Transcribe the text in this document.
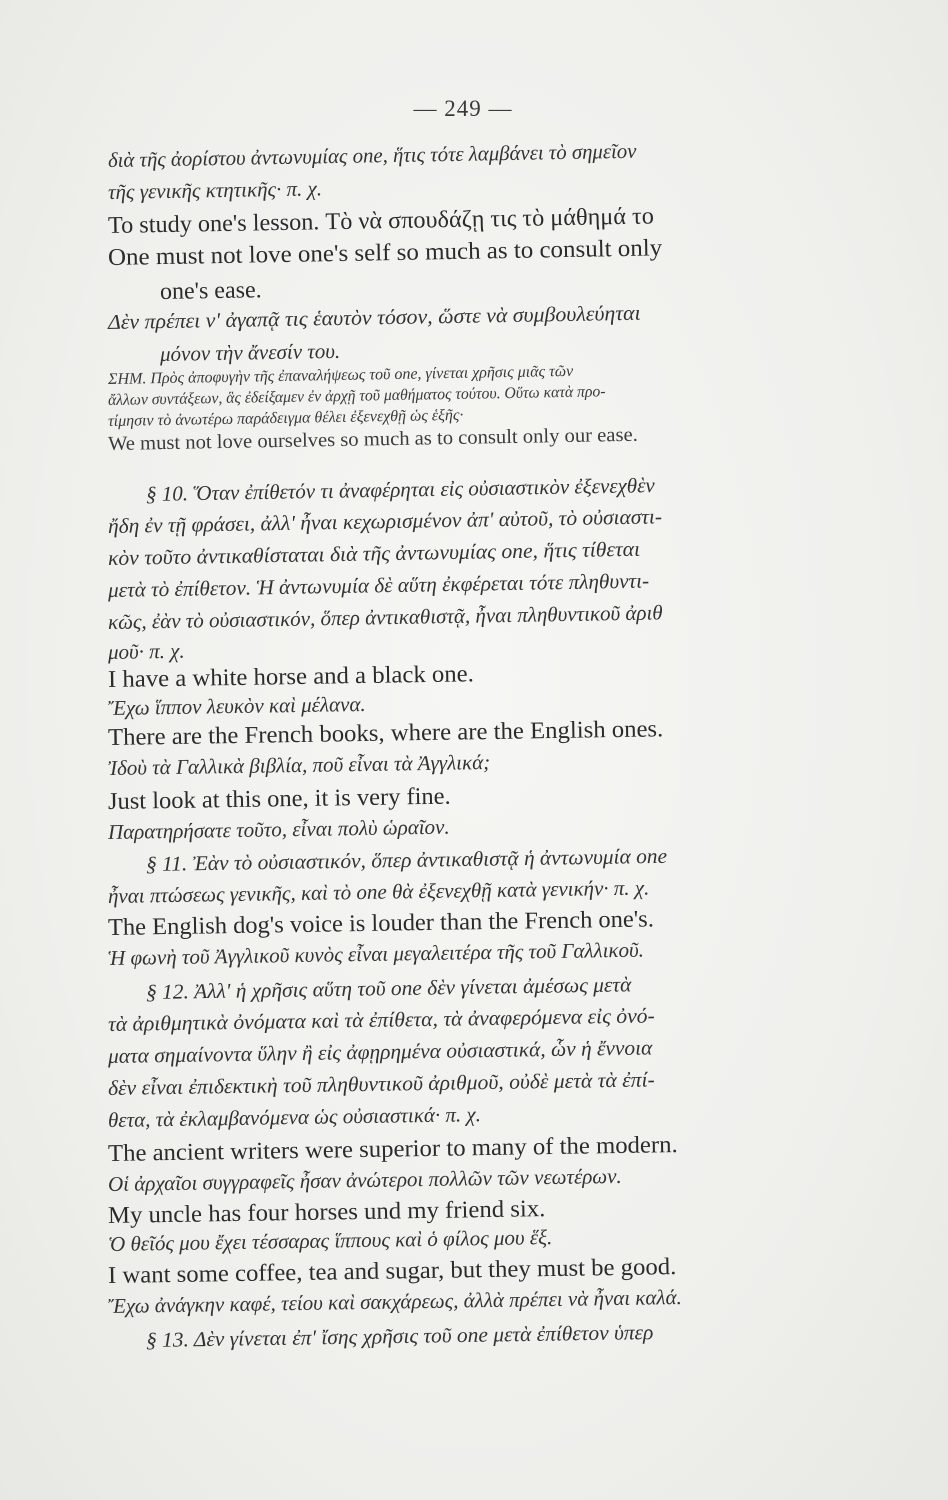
— 249 —
διὰ τῆς ἀορίστου ἀντωνυμίας one, ἥτις τότε λαμβάνει τὸ σημεῖον
τῆς γενικῆς κτητικῆς· π. χ.
To study one's lesson. Τὸ νὰ σπουδάζῃ τις τὸ μάθημά το
One must not love one's self so much as to consult only
one's ease.
Δὲν πρέπει ν' ἀγαπᾷ τις ἑαυτὸν τόσον, ὥστε νὰ συμβουλεύηται
μόνον τὴν ἄνεσίν του.
ΣΗΜ. Πρὸς ἀποφυγὴν τῆς ἐπαναλήψεως τοῦ one, γίνεται χρῆσις μιᾶς τῶν
ἄλλων συντάξεων, ἃς ἐδείξαμεν ἐν ἀρχῇ τοῦ μαθήματος τούτου. Οὕτω κατὰ προ-
τίμησιν τὸ ἀνωτέρω παράδειγμα θέλει ἐξενεχθῇ ὡς ἑξῆς·
We must not love ourselves so much as to consult only our ease.
§ 10. Ὅταν ἐπίθετόν τι ἀναφέρηται εἰς οὐσιαστικὸν ἐξενεχθὲν
ἤδη ἐν τῇ φράσει, ἀλλ' ἦναι κεχωρισμένον ἀπ' αὐτοῦ, τὸ οὐσιαστι-
κὸν τοῦτο ἀντικαθίσταται διὰ τῆς ἀντωνυμίας one, ἥτις τίθεται
μετὰ τὸ ἐπίθετον. Ἡ ἀντωνυμία δὲ αὕτη ἐκφέρεται τότε πληθυντι-
κῶς, ἐὰν τὸ οὐσιαστικόν, ὅπερ ἀντικαθιστᾷ, ἦναι πληθυντικοῦ ἀριθ
μοῦ· π. χ.
I have a white horse and a black one.
Ἔχω ἵππον λευκὸν καὶ μέλανα.
There are the French books, where are the English ones.
Ἰδοὺ τὰ Γαλλικὰ βιβλία, ποῦ εἶναι τὰ Ἀγγλικά;
Just look at this one, it is very fine.
Παρατηρήσατε τοῦτο, εἶναι πολὺ ὡραῖον.
§ 11. Ἐὰν τὸ οὐσιαστικόν, ὅπερ ἀντικαθιστᾷ ἡ ἀντωνυμία one
ἦναι πτώσεως γενικῆς, καὶ τὸ one θὰ ἐξενεχθῇ κατὰ γενικήν· π. χ.
The English dog's voice is louder than the French one's.
Ἡ φωνὴ τοῦ Ἀγγλικοῦ κυνὸς εἶναι μεγαλειτέρα τῆς τοῦ Γαλλικοῦ.
§ 12. Ἀλλ' ἡ χρῆσις αὕτη τοῦ one δὲν γίνεται ἀμέσως μετὰ
τὰ ἀριθμητικὰ ὀνόματα καὶ τὰ ἐπίθετα, τὰ ἀναφερόμενα εἰς ὀνό-
ματα σημαίνοντα ὕλην ἢ εἰς ἀφῃρημένα οὐσιαστικά, ὧν ἡ ἔννοια
δὲν εἶναι ἐπιδεκτικὴ τοῦ πληθυντικοῦ ἀριθμοῦ, οὐδὲ μετὰ τὰ ἐπί-
θετα, τὰ ἐκλαμβανόμενα ὡς οὐσιαστικά· π. χ.
The ancient writers were superior to many of the modern.
Οἱ ἀρχαῖοι συγγραφεῖς ἦσαν ἀνώτεροι πολλῶν τῶν νεωτέρων.
My uncle has four horses und my friend six.
Ὁ θεῖός μου ἔχει τέσσαρας ἵππους καὶ ὁ φίλος μου ἕξ.
I want some coffee, tea and sugar, but they must be good.
Ἔχω ἀνάγκην καφέ, τείου καὶ σακχάρεως, ἀλλὰ πρέπει νὰ ἦναι καλά.
§ 13. Δὲν γίνεται ἐπ' ἴσης χρῆσις τοῦ one μετὰ ἐπίθετον ὑπερ
